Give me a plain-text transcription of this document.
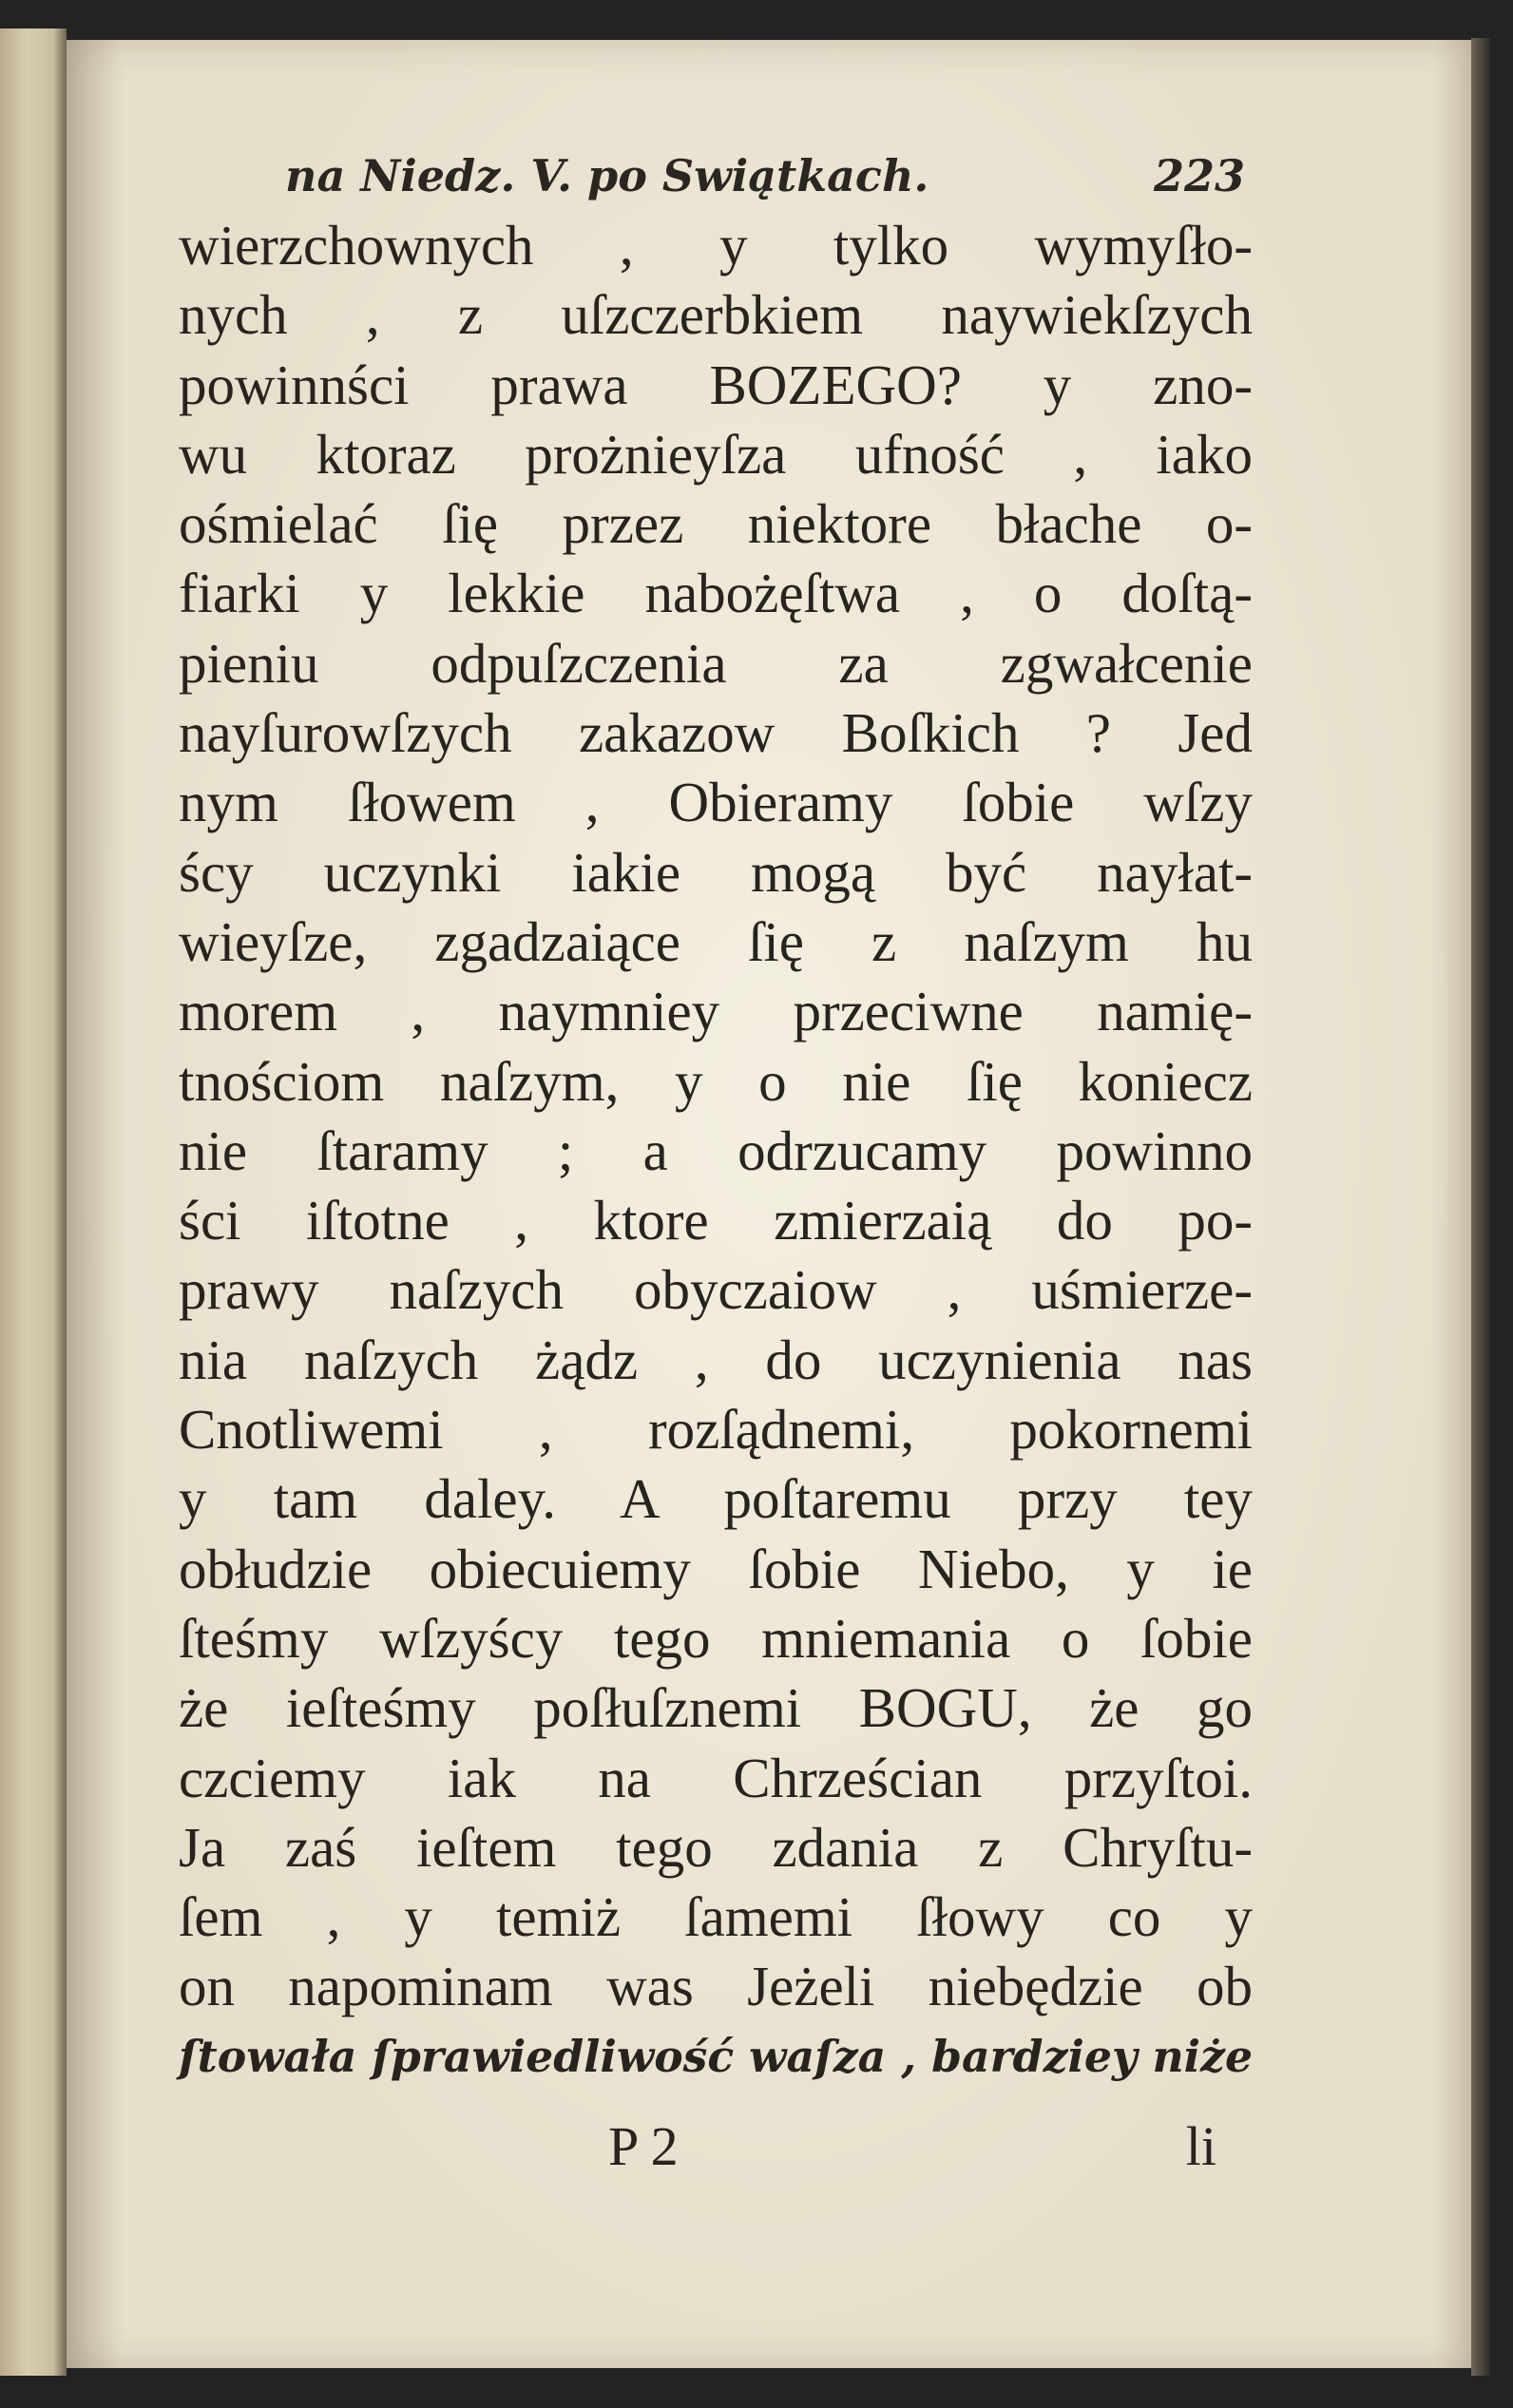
na Niedz. V. po Swiątkach.	223
wierzchownych , y tylko wymyſło-
nych , z uſzczerbkiem naywiekſzych
powinnści prawa BOZEGO? y zno-
wu ktoraz prożnieyſza ufność , iako
ośmielać ſię przez niektore błache o-
fiarki y lekkie nabożęſtwa , o doſtą-
pieniu odpuſzczenia za zgwałcenie
nayſurowſzych zakazow Boſkich ? Jed
nym ſłowem , Obieramy ſobie wſzy
ścy uczynki iakie mogą być nayłat-
wieyſze, zgadzaiące ſię z naſzym hu
morem , naymniey przeciwne namię-
tnościom naſzym, y o nie ſię koniecz
nie ſtaramy ; a odrzucamy powinno
ści iſtotne , ktore zmierzaią do po-
prawy naſzych obyczaiow , uśmierze-
nia naſzych żądz , do uczynienia nas
Cnotliwemi , rozſądnemi, pokornemi
y tam daley. A poſtaremu przy tey
obłudzie obiecuiemy ſobie Niebo, y ie
ſteśmy wſzyścy tego mniemania o ſobie
że ieſteśmy poſłuſznemi BOGU, że go
czciemy iak na Chrześcian przyſtoi.
Ja zaś ieſtem tego zdania z Chryſtu-
ſem , y temiż ſamemi ſłowy co y
on napominam was Jeżeli niebędzie ob
ſtowała ſprawiedliwość waſza , bardziey niże
P 2	li
